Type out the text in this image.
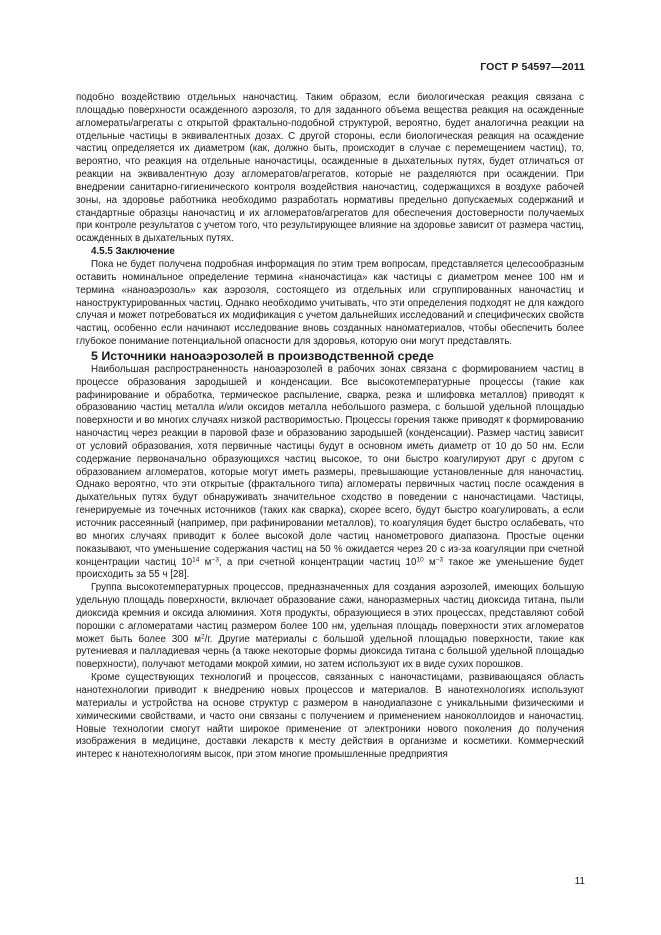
ГОСТ Р 54597—2011

подобно воздействию отдельных наночастиц. Таким образом, если биологическая реакция связана с площадью поверхности осажденного аэрозоля, то для заданного объема вещества реакция на осажденные агломераты/агрегаты с открытой фрактально-подобной структурой, вероятно, будет аналогична реакции на отдельные частицы в эквивалентных дозах. С другой стороны, если биологическая реакция на осаждение частиц определяется их диаметром (как, должно быть, происходит в случае с перемещением частиц), то, вероятно, что реакция на отдельные наночастицы, осажденные в дыхательных путях, будет отличаться от реакции на эквивалентную дозу агломератов/агрегатов, которые не разделяются при осаждении. При внедрении санитарно-гигиенического контроля воздействия наночастиц, содержащихся в воздухе рабочей зоны, на здоровье работника необходимо разработать нормативы предельно допускаемых содержаний и стандартные образцы наночастиц и их агломератов/агрегатов для обеспечения достоверности получаемых при контроле результатов с учетом того, что результирующее влияние на здоровье зависит от размера частиц, осажденных в дыхательных путях.

4.5.5 Заключение

Пока не будет получена подробная информация по этим трем вопросам, представляется целесообразным оставить номинальное определение термина «наночастица» как частицы с диаметром менее 100 нм и термина «наноаэрозоль» как аэрозоля, состоящего из отдельных или сгруппированных наночастиц и наноструктурированных частиц. Однако необходимо учитывать, что эти определения подходят не для каждого случая и может потребоваться их модификация с учетом дальнейших исследований и специфических свойств частиц, особенно если начинают исследование вновь созданных наноматериалов, чтобы обеспечить более глубокое понимание потенциальной опасности для здоровья, которую они могут представлять.

5 Источники наноаэрозолей в производственной среде

Наибольшая распространенность наноаэрозолей в рабочих зонах связана с формированием частиц в процессе образования зародышей и конденсации. Все высокотемпературные процессы (такие как рафинирование и обработка, термическое распыление, сварка, резка и шлифовка металлов) приводят к образованию частиц металла и/или оксидов металла небольшого размера, с большой удельной площадью поверхности и во многих случаях низкой растворимостью. Процессы горения также приводят к формированию наночастиц через реакции в паровой фазе и образованию зародышей (конденсации). Размер частиц зависит от условий образования, хотя первичные частицы будут в основном иметь диаметр от 10 до 50 нм. Если содержание первоначально образующихся частиц высокое, то они быстро коагулируют друг с другом с образованием агломератов, которые могут иметь размеры, превышающие установленные для наночастиц. Однако вероятно, что эти открытые (фрактального типа) агломераты первичных частиц после осаждения в дыхательных путях будут обнаруживать значительное сходство в поведении с наночастицами. Частицы, генерируемые из точечных источников (таких как сварка), скорее всего, будут быстро коагулировать, а если источник рассеянный (например, при рафинировании металлов), то коагуляция будет быстро ослабевать, что во многих случаях приводит к более высокой доле частиц нанометрового диапазона. Простые оценки показывают, что уменьшение содержания частиц на 50 % ожидается через 20 с из-за коагуляции при счетной концентрации частиц $10^{14}$ $м^{-3}$, а при счетной концентрации частиц $10^{10}$ $м^{-3}$ такое же уменьшение будет происходить за 55 ч [28].

Группа высокотемпературных процессов, предназначенных для создания аэрозолей, имеющих большую удельную площадь поверхности, включает образование сажи, наноразмерных частиц диоксида титана, пыли диоксида кремния и оксида алюминия. Хотя продукты, образующиеся в этих процессах, представляют собой порошки с агломератами частиц размером более 100 нм, удельная площадь поверхности этих агломератов может быть более 300 $м^2/г$. Другие материалы с большой удельной площадью поверхности, такие как рутениевая и палладиевая чернь (а также некоторые формы диоксида титана с большой удельной площадью поверхности), получают методами мокрой химии, но затем используют их в виде сухих порошков.

Кроме существующих технологий и процессов, связанных с наночастицами, развивающаяся область нанотехнологии приводит к внедрению новых процессов и материалов. В нанотехнологиях используют материалы и устройства на основе структур с размером в нанодиапазоне с уникальными физическими и химическими свойствами, и часто они связаны с получением и применением наноколлоидов и наночастиц. Новые технологии смогут найти широкое применение от электроники нового поколения до получения изображения в медицине, доставки лекарств к месту действия в организме и косметики. Коммерческий интерес к нанотехнологиям высок, при этом многие промышленные предприятия

11
